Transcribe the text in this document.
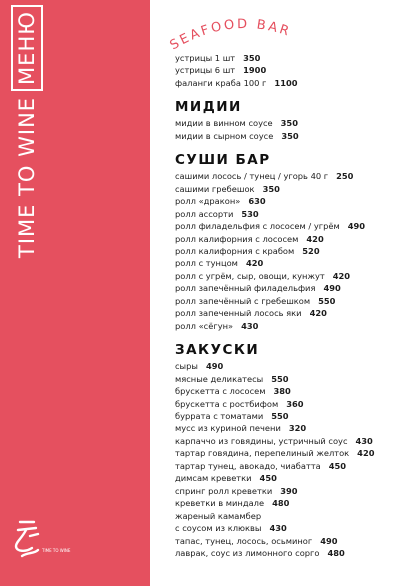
TIME TO WINE
МЕНЮ
TIME TO WINE
SEAFOOD BAR
устрицы 1 шт 350
устрицы 6 шт 1900
фаланги краба 100 г 1100
МИДИИ
мидии в винном соусе 350
мидии в сырном соусе 350
СУШИ БАР
сашими лосось / тунец / угорь 40 г 250
сашими гребешок 350
ролл «дракон» 630
ролл ассорти 530
ролл филадельфия с лососем / угрём 490
ролл калифорния с лососем 420
ролл калифорния с крабом 520
ролл с тунцом 420
ролл с угрём, сыр, овощи, кунжут 420
ролл запечённый филадельфия 490
ролл запечённый с гребешком 550
ролл запеченный лосось яки 420
ролл «сёгун» 430
ЗАКУСКИ
сыры 490
мясные деликатесы 550
брускетта с лососем 380
брускетта с ростбифом 360
буррата с томатами 550
мусс из куриной печени 320
карпаччо из говядины, устричный соус 430
тартар говядина, перепелиный желток 420
тартар тунец, авокадо, чиабатта 450
димсам креветки 450
спринг ролл креветки 390
креветки в миндале 480
жареный камамбер
с соусом из клюквы 430
тапас, тунец, лосось, осьминог 490
лаврак, соус из лимонного сорго 480
